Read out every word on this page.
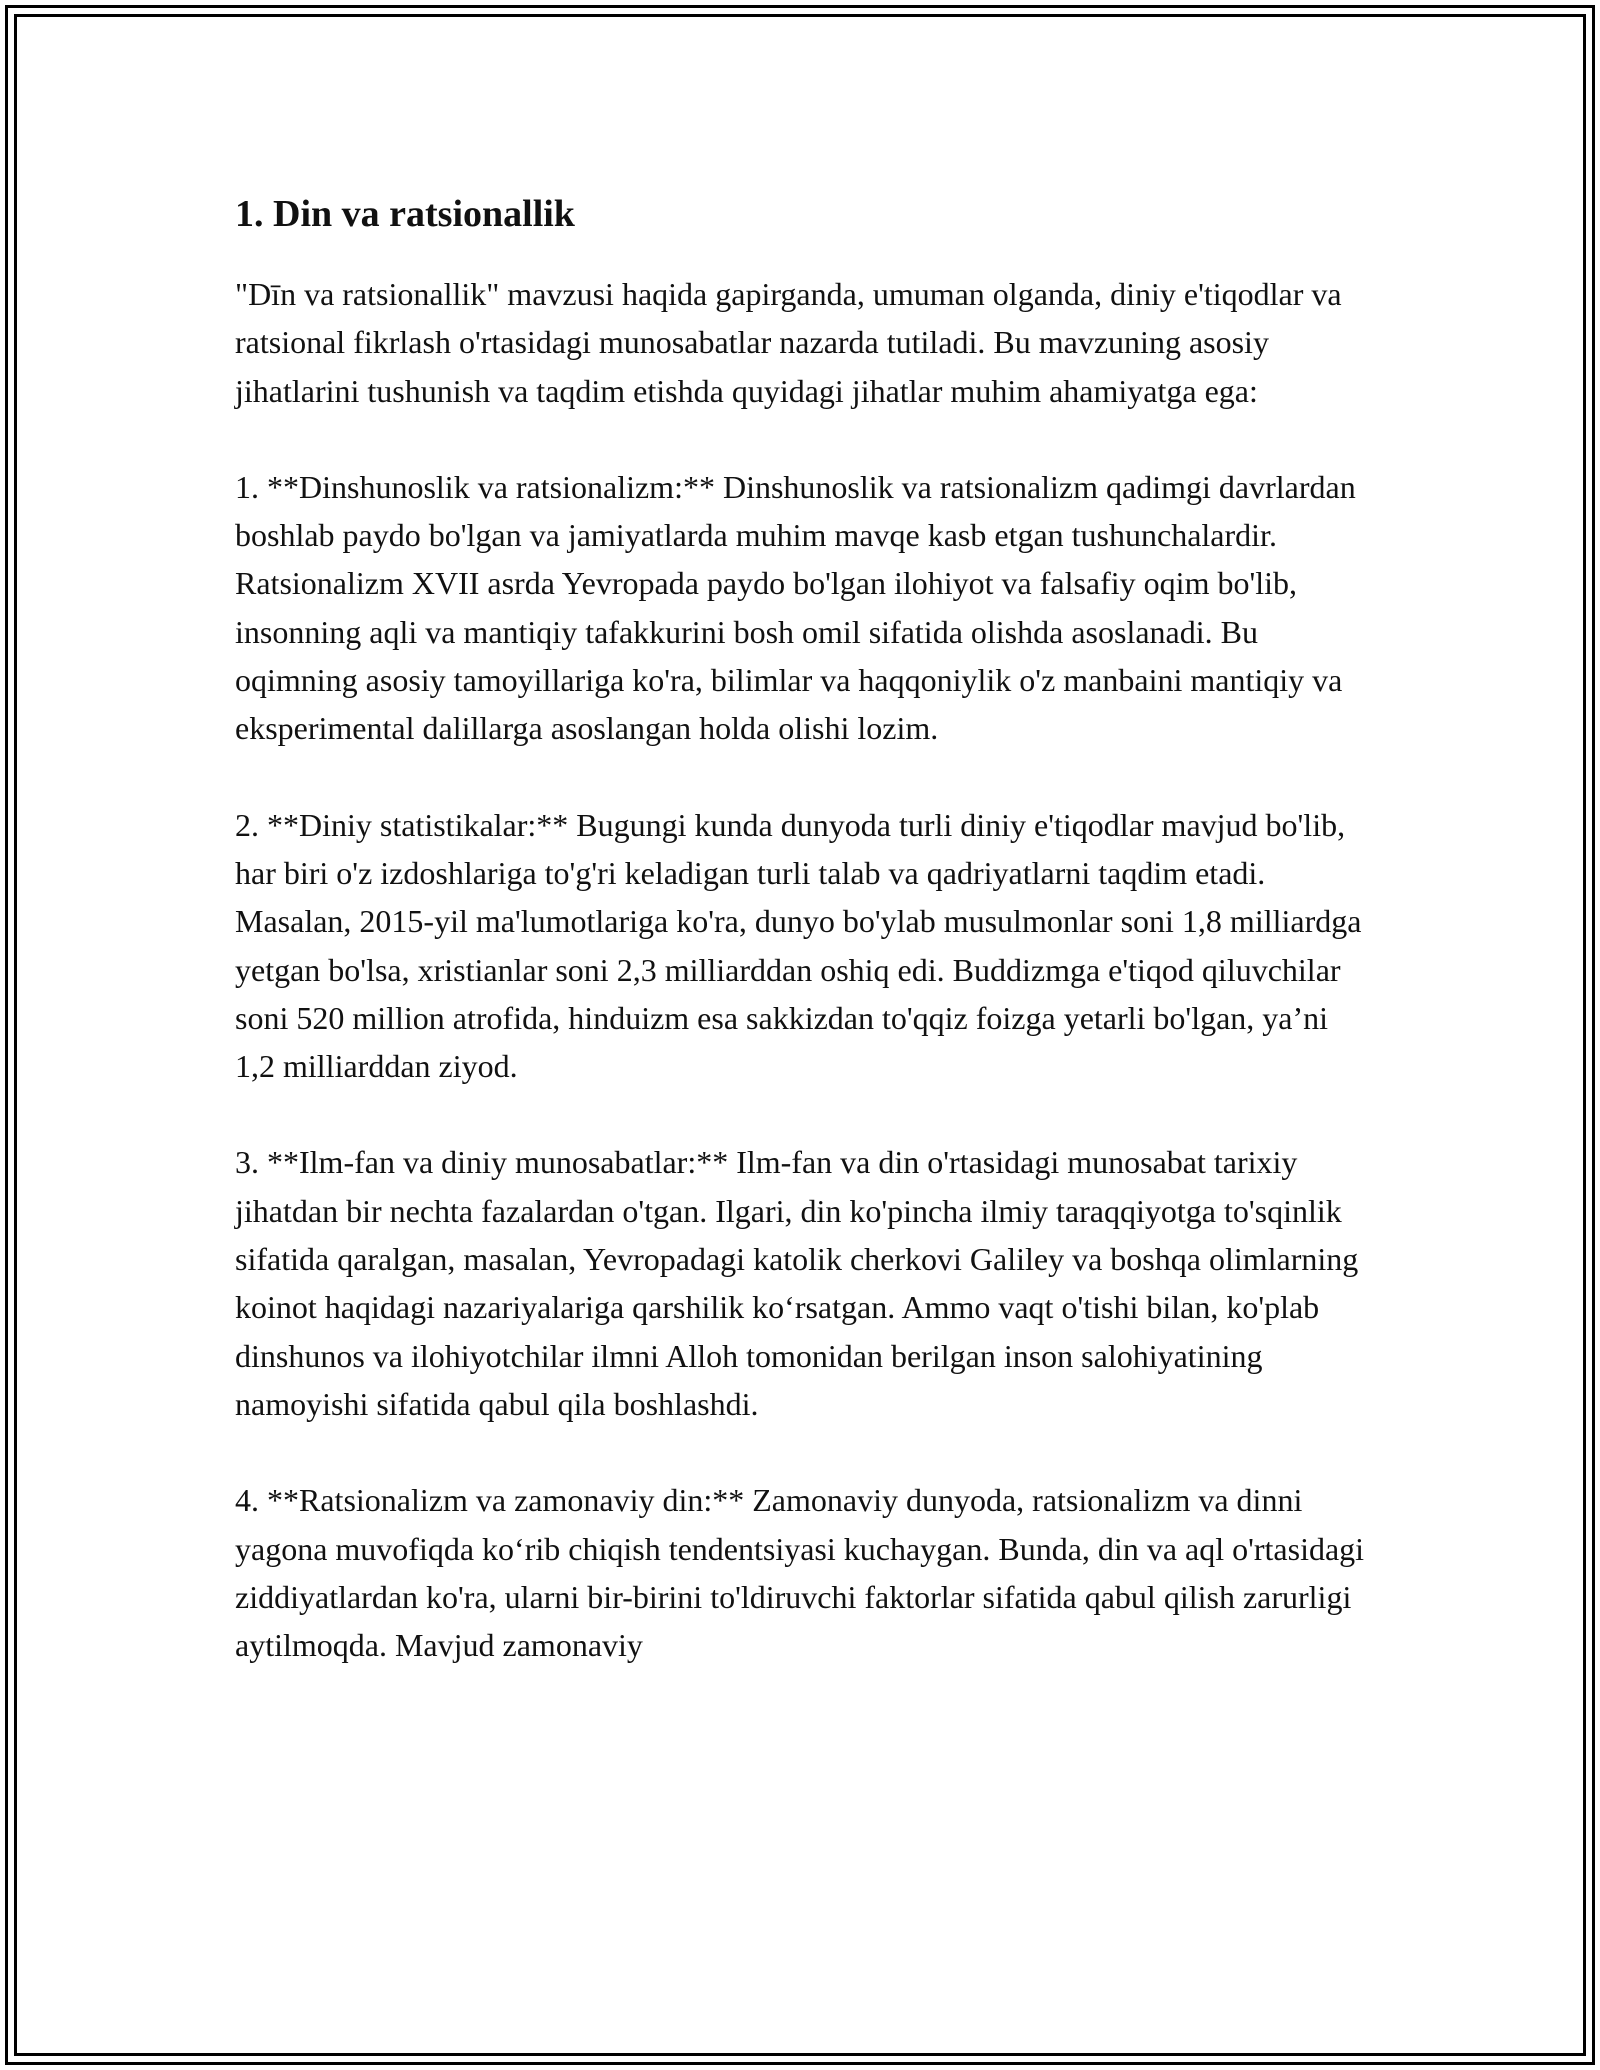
1. Din va ratsionallik

"Dīn va ratsionallik" mavzusi haqida gapirganda, umuman olganda, diniy e'tiqodlar va ratsional fikrlash o'rtasidagi munosabatlar nazarda tutiladi. Bu mavzuning asosiy jihatlarini tushunish va taqdim etishda quyidagi jihatlar muhim ahamiyatga ega:

1. **Dinshunoslik va ratsionalizm:** Dinshunoslik va ratsionalizm qadimgi davrlardan boshlab paydo bo'lgan va jamiyatlarda muhim mavqe kasb etgan tushunchalardir. Ratsionalizm XVII asrda Yevropada paydo bo'lgan ilohiyot va falsafiy oqim bo'lib, insonning aqli va mantiqiy tafakkurini bosh omil sifatida olishda asoslanadi. Bu oqimning asosiy tamoyillariga ko'ra, bilimlar va haqqoniylik o'z manbaini mantiqiy va eksperimental dalillarga asoslangan holda olishi lozim.

2. **Diniy statistikalar:** Bugungi kunda dunyoda turli diniy e'tiqodlar mavjud bo'lib, har biri o'z izdoshlariga to'g'ri keladigan turli talab va qadriyatlarni taqdim etadi. Masalan, 2015-yil ma'lumotlariga ko'ra, dunyo bo'ylab musulmonlar soni 1,8 milliardga yetgan bo'lsa, xristianlar soni 2,3 milliarddan oshiq edi. Buddizmga e'tiqod qiluvchilar soni 520 million atrofida, hinduizm esa sakkizdan to'qqiz foizga yetarli bo'lgan, ya’ni 1,2 milliarddan ziyod.

3. **Ilm-fan va diniy munosabatlar:** Ilm-fan va din o'rtasidagi munosabat tarixiy jihatdan bir nechta fazalardan o'tgan. Ilgari, din ko'pincha ilmiy taraqqiyotga to'sqinlik sifatida qaralgan, masalan, Yevropadagi katolik cherkovi Galiley va boshqa olimlarning koinot haqidagi nazariyalariga qarshilik ko‘rsatgan. Ammo vaqt o'tishi bilan, ko'plab dinshunos va ilohiyotchilar ilmni Alloh tomonidan berilgan inson salohiyatining namoyishi sifatida qabul qila boshlashdi.

4. **Ratsionalizm va zamonaviy din:** Zamonaviy dunyoda, ratsionalizm va dinni yagona muvofiqda ko‘rib chiqish tendentsiyasi kuchaygan. Bunda, din va aql o'rtasidagi ziddiyatlardan ko'ra, ularni bir-birini to'ldiruvchi faktorlar sifatida qabul qilish zarurligi aytilmoqda. Mavjud zamonaviy
